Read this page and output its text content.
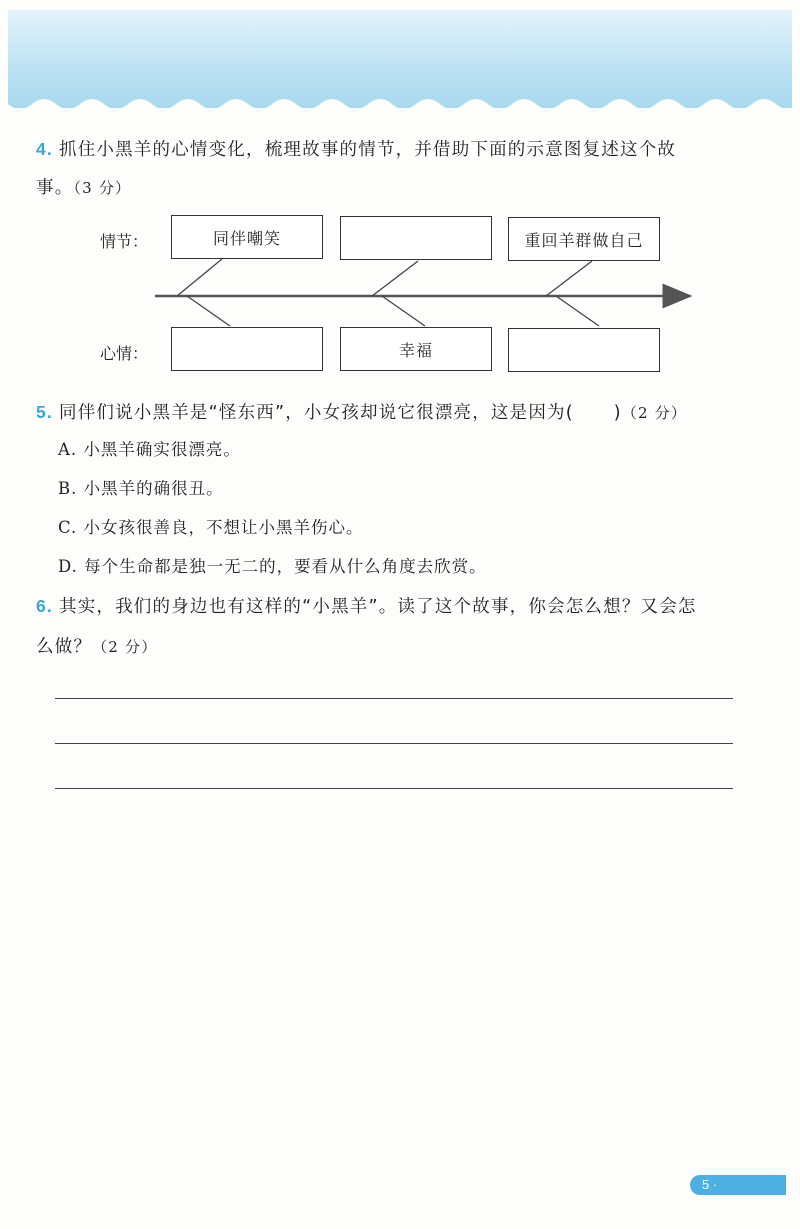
4. 抓住小黑羊的心情变化，梳理故事的情节，并借助下面的示意图复述这个故
事。（3 分）
情节：
心情：
同伴嘲笑	重回羊群做自己
幸福
5. 同伴们说小黑羊是“怪东西”，小女孩却说它很漂亮，这是因为( )（2 分）
A. 小黑羊确实很漂亮。
B. 小黑羊的确很丑。
C. 小女孩很善良，不想让小黑羊伤心。
D. 每个生命都是独一无二的，要看从什么角度去欣赏。
6. 其实，我们的身边也有这样的“小黑羊”。读了这个故事，你会怎么想？又会怎
么做？（2 分）
5 ·
